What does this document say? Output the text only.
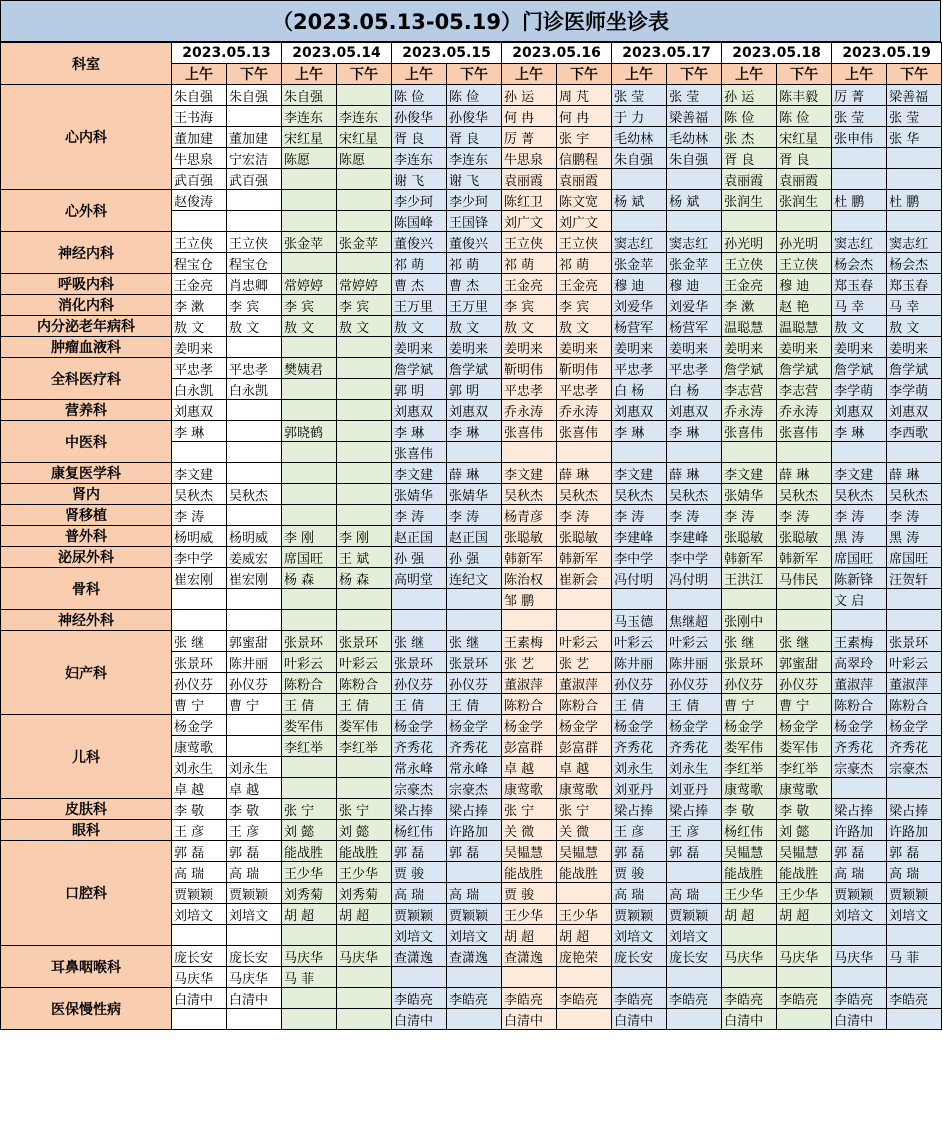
（2023.05.13-05.19）门诊医师坐诊表
科室	2023.05.13		2023.05.14		2023.05.15		2023.05.16		2023.05.17		2023.05.18		2023.05.19	
	上午	下午	上午	下午	上午	下午	上午	下午	上午	下午	上午	下午	上午	下午
心内科	朱自强	朱自强	朱自强		陈 俭	陈 俭	孙 运	周 芃	张 莹	张 莹	孙 运	陈丰毅	厉 菁	梁善福
	王书海		李连东	李连东	孙俊华	孙俊华	何 冉	何 冉	于 力	梁善福	陈 俭	陈 俭	张 莹	张 莹
	董加建	董加建	宋红星	宋红星	胥 良	胥 良	厉 菁	张 宇	毛幼林	毛幼林	张 杰	宋红星	张申伟	张 华
	牛思泉	宁宏洁	陈愿	陈愿	李连东	李连东	牛思泉	信鹏程	朱自强	朱自强	胥 良	胥 良		
	武百强	武百强			谢 飞	谢 飞	袁丽霞	袁丽霞			袁丽霞	袁丽霞		
心外科	赵俊涛				李少珂	李少珂	陈红卫	陈文宽	杨 斌	杨 斌	张润生	张润生	杜 鹏	杜 鹏
					陈国峰	王国锋	刘广文	刘广文						
神经内科	王立侠	王立侠	张金苹	张金苹	董俊兴	董俊兴	王立侠	王立侠	窦志红	窦志红	孙光明	孙光明	窦志红	窦志红
	程宝仓	程宝仓			祁 萌	祁 萌	祁 萌	祁 萌	张金苹	张金苹	王立侠	王立侠	杨会杰	杨会杰
呼吸内科	王金亮	肖忠卿	常婷婷	常婷婷	曹 杰	曹 杰	王金亮	王金亮	穆 迪	穆 迪	王金亮	穆 迪	郑玉春	郑玉春
消化内科	李 漱	李 宾	李 宾	李 宾	王万里	王万里	李 宾	李 宾	刘爱华	刘爱华	李 漱	赵 艳	马 幸	马 幸
内分泌老年病科	敖 文	敖 文	敖 文	敖 文	敖 文	敖 文	敖 文	敖 文	杨营军	杨营军	温聪慧	温聪慧	敖 文	敖 文
肿瘤血液科	姜明来				姜明来	姜明来	姜明来	姜明来	姜明来	姜明来	姜明来	姜明来	姜明来	姜明来
全科医疗科	平忠孝	平忠孝	樊姨君		詹学斌	詹学斌	靳明伟	靳明伟	平忠孝	平忠孝	詹学斌	詹学斌	詹学斌	詹学斌
	白永凯	白永凯			郭 明	郭 明	平忠孝	平忠孝	白 杨	白 杨	李志营	李志营	李学萌	李学萌
营养科	刘惠双				刘惠双	刘惠双	乔永涛	乔永涛	刘惠双	刘惠双	乔永涛	乔永涛	刘惠双	刘惠双
中医科	李 琳		郭晓鹤		李 琳	李 琳	张喜伟	张喜伟	李 琳	李 琳	张喜伟	张喜伟	李 琳	李西歌
					张喜伟									
康复医学科	李文建				李文建	薛 琳	李文建	薛 琳	李文建	薛 琳	李文建	薛 琳	李文建	薛 琳
肾内	吴秋杰	吴秋杰			张婧华	张婧华	吴秋杰	吴秋杰	吴秋杰	吴秋杰	张婧华	吴秋杰	吴秋杰	吴秋杰
肾移植	李 涛				李 涛	李 涛	杨青彦	李 涛	李 涛	李 涛	李 涛	李 涛	李 涛	李 涛
普外科	杨明威	杨明威	李 刚	李 刚	赵正国	赵正国	张聪敏	张聪敏	李建峰	李建峰	张聪敏	张聪敏	黑 涛	黑 涛
泌尿外科	李中学	姜威宏	席国旺	王 斌	孙 强	孙 强	韩新军	韩新军	李中学	李中学	韩新军	韩新军	席国旺	席国旺
骨科	崔宏刚	崔宏刚	杨 森	杨 森	高明堂	连纪文	陈治权	崔新会	冯付明	冯付明	王洪江	马伟民	陈新锋	汪贺轩
							邹 鹏						文 启	
神经外科									马玉德	焦继超	张刚中			
妇产科	张 继	郭蜜甜	张景环	张景环	张 继	张 继	王素梅	叶彩云	叶彩云	叶彩云	张 继	张 继	王素梅	张景环
	张景环	陈井丽	叶彩云	叶彩云	张景环	张景环	张 艺	张 艺	陈井丽	陈井丽	张景环	郭蜜甜	高翠玲	叶彩云
	孙仪芬	孙仪芬	陈粉合	陈粉合	孙仪芬	孙仪芬	董淑萍	董淑萍	孙仪芬	孙仪芬	孙仪芬	孙仪芬	董淑萍	董淑萍
	曹 宁	曹 宁	王 倩	王 倩	王 倩	王 倩	陈粉合	陈粉合	王 倩	王 倩	曹 宁	曹 宁	陈粉合	陈粉合
儿科	杨金学		娄军伟	娄军伟	杨金学	杨金学	杨金学	杨金学	杨金学	杨金学	杨金学	杨金学	杨金学	杨金学
	康莺歌		李红举	李红举	齐秀花	齐秀花	彭富群	彭富群	齐秀花	齐秀花	娄军伟	娄军伟	齐秀花	齐秀花
	刘永生	刘永生			常永峰	常永峰	卓 越	卓 越	刘永生	刘永生	李红举	李红举	宗豪杰	宗豪杰
	卓 越	卓 越			宗豪杰	宗豪杰	康莺歌	康莺歌	刘亚丹	刘亚丹	康莺歌	康莺歌		
皮肤科	李 敬	李 敬	张 宁	张 宁	梁占捧	梁占捧	张 宁	张 宁	梁占捧	梁占捧	李 敬	李 敬	梁占捧	梁占捧
眼科	王 彦	王 彦	刘 懿	刘 懿	杨红伟	许路加	关 微	关 微	王 彦	王 彦	杨红伟	刘 懿	许路加	许路加
口腔科	郭 磊	郭 磊	能战胜	能战胜	郭 磊	郭 磊	吴韫慧	吴韫慧	郭 磊	郭 磊	吴韫慧	吴韫慧	郭 磊	郭 磊
	高 瑞	高 瑞	王少华	王少华	贾 骏		能战胜	能战胜	贾 骏		能战胜	能战胜	高 瑞	高 瑞
	贾颖颖	贾颖颖	刘秀菊	刘秀菊	高 瑞	高 瑞	贾 骏		高 瑞	高 瑞	王少华	王少华	贾颖颖	贾颖颖
	刘培文	刘培文	胡 超	胡 超	贾颖颖	贾颖颖	王少华	王少华	贾颖颖	贾颖颖	胡 超	胡 超	刘培文	刘培文
					刘培文	刘培文	胡 超	胡 超	刘培文	刘培文				
耳鼻咽喉科	庞长安	庞长安	马庆华	马庆华	查潇逸	查潇逸	查潇逸	庞艳荣	庞长安	庞长安	马庆华	马庆华	马庆华	马 菲
	马庆华	马庆华	马 菲											
医保慢性病	白清中	白清中			李皓亮	李皓亮	李皓亮	李皓亮	李皓亮	李皓亮	李皓亮	李皓亮	李皓亮	李皓亮
					白清中		白清中		白清中		白清中		白清中	
